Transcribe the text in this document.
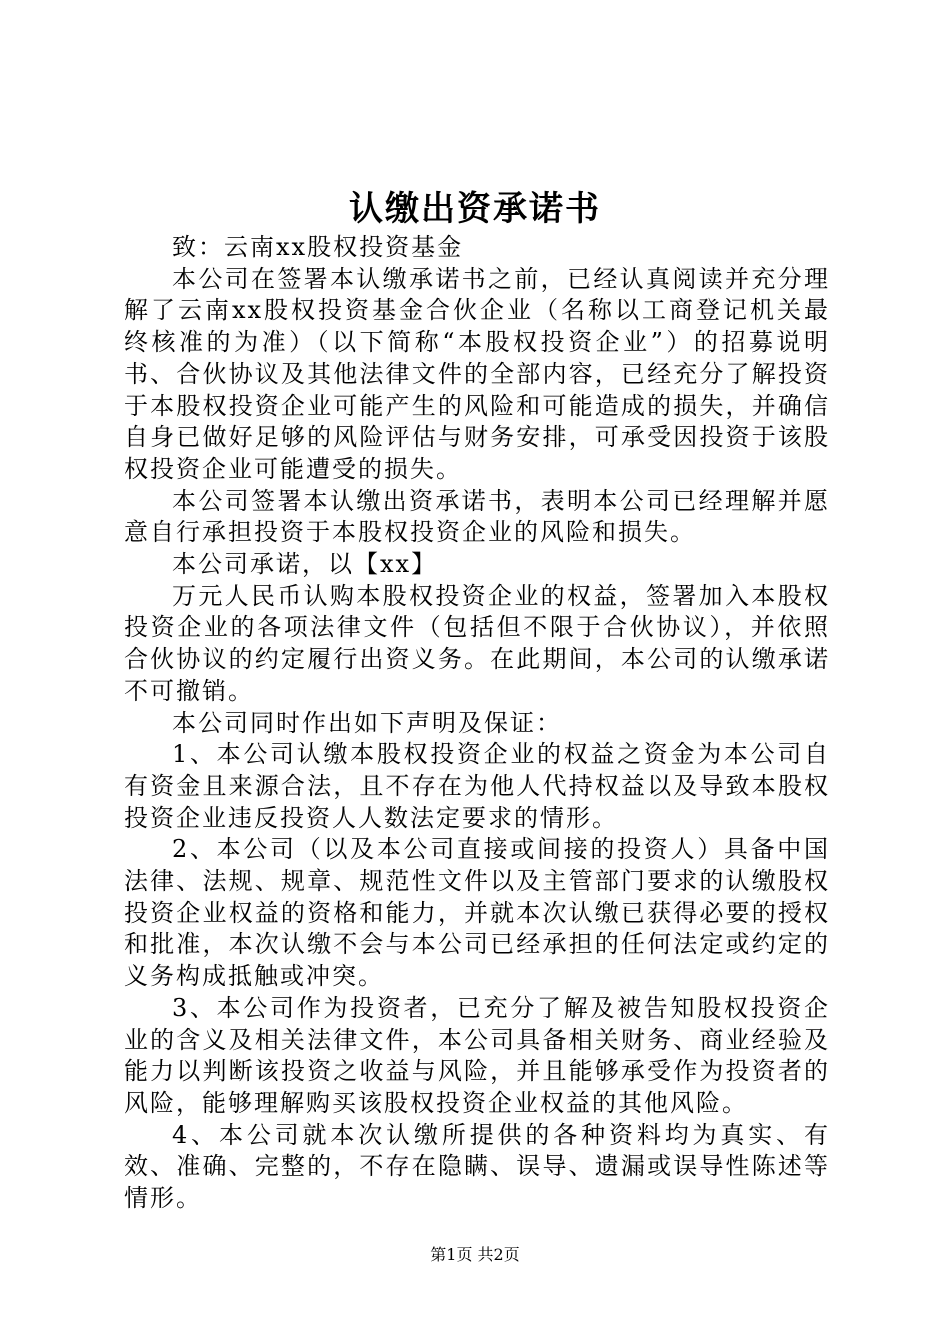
认缴出资承诺书

致：云南xx股权投资基金

本公司在签署本认缴承诺书之前，已经认真阅读并充分理解了云南xx股权投资基金合伙企业（名称以工商登记机关最终核准的为准）（以下简称“本股权投资企业”）的招募说明书、合伙协议及其他法律文件的全部内容，已经充分了解投资于本股权投资企业可能产生的风险和可能造成的损失，并确信自身已做好足够的风险评估与财务安排，可承受因投资于该股权投资企业可能遭受的损失。

本公司签署本认缴出资承诺书，表明本公司已经理解并愿意自行承担投资于本股权投资企业的风险和损失。

本公司承诺，以【xx】

万元人民币认购本股权投资企业的权益，签署加入本股权投资企业的各项法律文件（包括但不限于合伙协议），并依照合伙协议的约定履行出资义务。在此期间，本公司的认缴承诺不可撤销。

本公司同时作出如下声明及保证：

1、本公司认缴本股权投资企业的权益之资金为本公司自有资金且来源合法，且不存在为他人代持权益以及导致本股权投资企业违反投资人人数法定要求的情形。

2、本公司（以及本公司直接或间接的投资人）具备中国法律、法规、规章、规范性文件以及主管部门要求的认缴股权投资企业权益的资格和能力，并就本次认缴已获得必要的授权和批准，本次认缴不会与本公司已经承担的任何法定或约定的义务构成抵触或冲突。

3、本公司作为投资者，已充分了解及被告知股权投资企业的含义及相关法律文件，本公司具备相关财务、商业经验及能力以判断该投资之收益与风险，并且能够承受作为投资者的风险，能够理解购买该股权投资企业权益的其他风险。

4、本公司就本次认缴所提供的各种资料均为真实、有效、准确、完整的，不存在隐瞒、误导、遗漏或误导性陈述等情形。

第1页 共2页
